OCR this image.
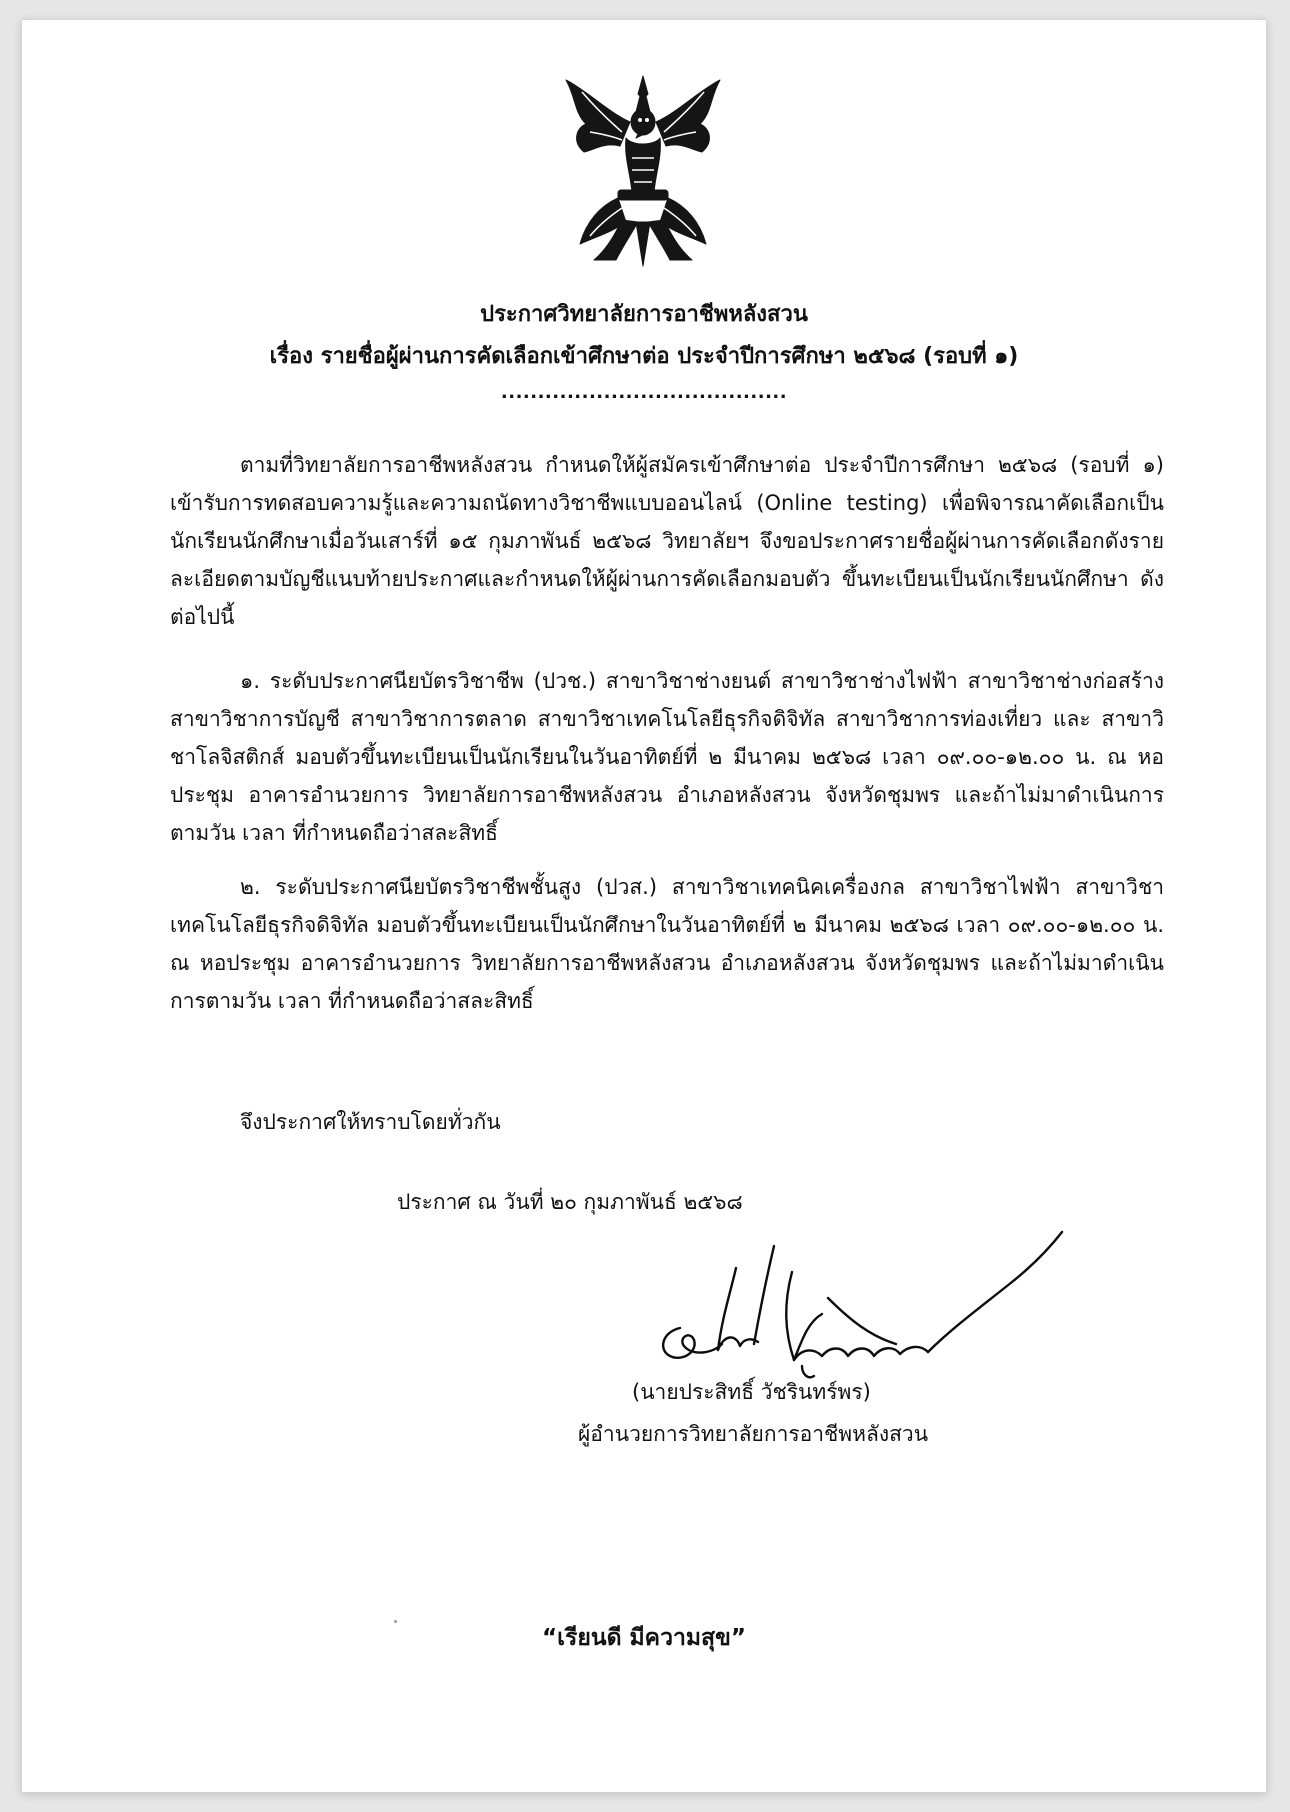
ประกาศวิทยาลัยการอาชีพหลังสวน
เรื่อง รายชื่อผู้ผ่านการคัดเลือกเข้าศึกษาต่อ ประจำปีการศึกษา ๒๕๖๘ (รอบที่ ๑)
.......................................
ตามที่วิทยาลัยการอาชีพหลังสวน กำหนดให้ผู้สมัครเข้าศึกษาต่อ ประจำปีการศึกษา ๒๕๖๘ (รอบที่ ๑) เข้ารับการทดสอบความรู้และความถนัดทางวิชาชีพแบบออนไลน์ (Online testing) เพื่อพิจารณาคัดเลือกเป็นนักเรียนนักศึกษาเมื่อวันเสาร์ที่ ๑๕ กุมภาพันธ์ ๒๕๖๘ วิทยาลัยฯ จึงขอประกาศรายชื่อผู้ผ่านการคัดเลือกดังรายละเอียดตามบัญชีแนบท้ายประกาศและกำหนดให้ผู้ผ่านการคัดเลือกมอบตัว ขึ้นทะเบียนเป็นนักเรียนนักศึกษา ดังต่อไปนี้
๑. ระดับประกาศนียบัตรวิชาชีพ (ปวช.) สาขาวิชาช่างยนต์ สาขาวิชาช่างไฟฟ้า สาขาวิชาช่างก่อสร้าง สาขาวิชาการบัญชี สาขาวิชาการตลาด สาขาวิชาเทคโนโลยีธุรกิจดิจิทัล สาขาวิชาการท่องเที่ยว และ สาขาวิชาโลจิสติกส์ มอบตัวขึ้นทะเบียนเป็นนักเรียนในวันอาทิตย์ที่ ๒ มีนาคม ๒๕๖๘ เวลา ๐๙.๐๐-๑๒.๐๐ น. ณ หอประชุม อาคารอำนวยการ วิทยาลัยการอาชีพหลังสวน อำเภอหลังสวน จังหวัดชุมพร และถ้าไม่มาดำเนินการตามวัน เวลา ที่กำหนดถือว่าสละสิทธิ์
๒. ระดับประกาศนียบัตรวิชาชีพชั้นสูง (ปวส.) สาขาวิชาเทคนิคเครื่องกล สาขาวิชาไฟฟ้า สาขาวิชาเทคโนโลยีธุรกิจดิจิทัล มอบตัวขึ้นทะเบียนเป็นนักศึกษาในวันอาทิตย์ที่ ๒ มีนาคม ๒๕๖๘ เวลา ๐๙.๐๐-๑๒.๐๐ น. ณ หอประชุม อาคารอำนวยการ วิทยาลัยการอาชีพหลังสวน อำเภอหลังสวน จังหวัดชุมพร และถ้าไม่มาดำเนินการตามวัน เวลา ที่กำหนดถือว่าสละสิทธิ์
จึงประกาศให้ทราบโดยทั่วกัน
ประกาศ ณ วันที่ ๒๐ กุมภาพันธ์ ๒๕๖๘
(นายประสิทธิ์ วัชรินทร์พร)
ผู้อำนวยการวิทยาลัยการอาชีพหลังสวน
“เรียนดี มีความสุข”
